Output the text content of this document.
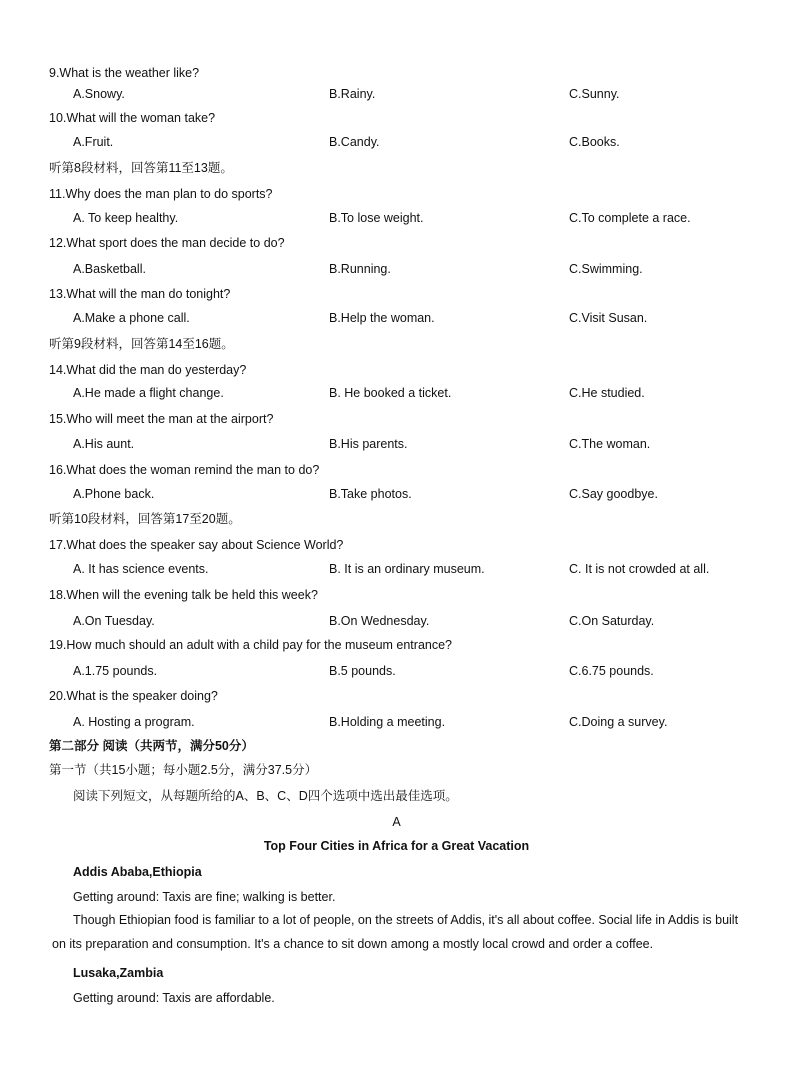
9.What is the weather like?
A.Snowy.	B.Rainy.	C.Sunny.
10.What will the woman take?
A.Fruit.	B.Candy.	C.Books.
听第8段材料，回答第11至13题。
11.Why does the man plan to do sports?
A. To keep healthy.	B.To lose weight.	C.To complete a race.
12.What sport does the man decide to do?
A.Basketball.	B.Running.	C.Swimming.
13.What will the man do tonight?
A.Make a phone call.	B.Help the woman.	C.Visit Susan.
听第9段材料，回答第14至16题。
14.What did the man do yesterday?
A.He made a flight change.	B. He booked a ticket.	C.He studied.
15.Who will meet the man at the airport?
A.His aunt.	B.His parents.	C.The woman.
16.What does the woman remind the man to do?
A.Phone back.	B.Take photos.	C.Say goodbye.
听第10段材料，回答第17至20题。
17.What does the speaker say about Science World?
A. It has science events.	B. It is an ordinary museum.	C. It is not crowded at all.
18.When will the evening talk be held this week?
A.On Tuesday.	B.On Wednesday.	C.On Saturday.
19.How much should an adult with a child pay for the museum entrance?
A.1.75 pounds.	B.5 pounds.	C.6.75 pounds.
20.What is the speaker doing?
A. Hosting a program.	B.Holding a meeting.	C.Doing a survey.
第二部分 阅读（共两节，满分50分）
第一节（共15小题；每小题2.5分，满分37.5分）
阅读下列短文，从每题所给的A、B、C、D四个选项中选出最佳选项。
A
Top Four Cities in Africa for a Great Vacation
Addis Ababa,Ethiopia
Getting around: Taxis are fine; walking is better.
Though Ethiopian food is familiar to a lot of people, on the streets of Addis, it's all about coffee. Social life in Addis is built on its preparation and consumption. It's a chance to sit down among a mostly local crowd and order a coffee.
Lusaka,Zambia
Getting around: Taxis are affordable.
